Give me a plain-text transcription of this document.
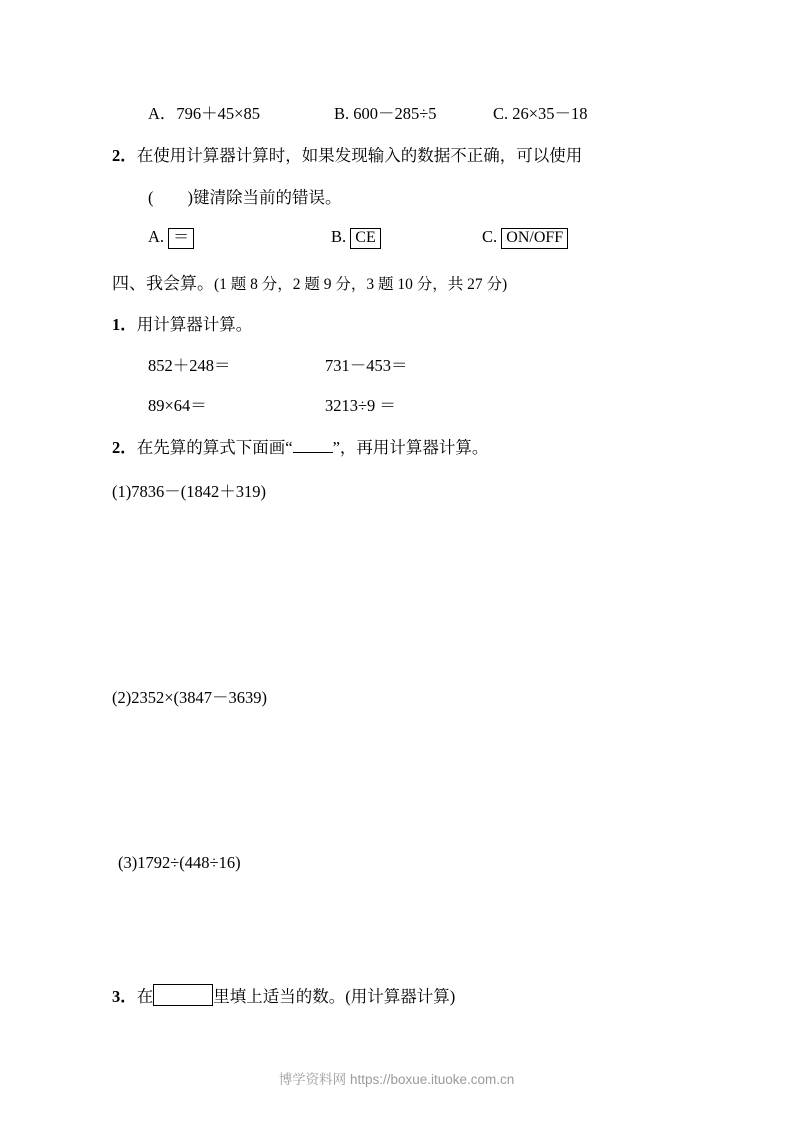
A．796＋45×85	B. 600－285÷5	C. 26×35－18
2．在使用计算器计算时，如果发现输入的数据不正确，可以使用
( )键清除当前的错误。
A. ＝	B. CE	C. ON/OFF
四、我会算。(1 题 8 分，2 题 9 分，3 题 10 分，共 27 分)
1．用计算器计算。
852＋248＝	731－453＝
89×64＝	3213÷9 ＝
2．在先算的算式下面画“ ”，再用计算器计算。
(1)7836－(1842＋319)
(2)2352×(3847－3639)
(3)1792÷(448÷16)
3．在	里填上适当的数。(用计算器计算)
博学资料网 https://boxue.ituoke.com.cn
